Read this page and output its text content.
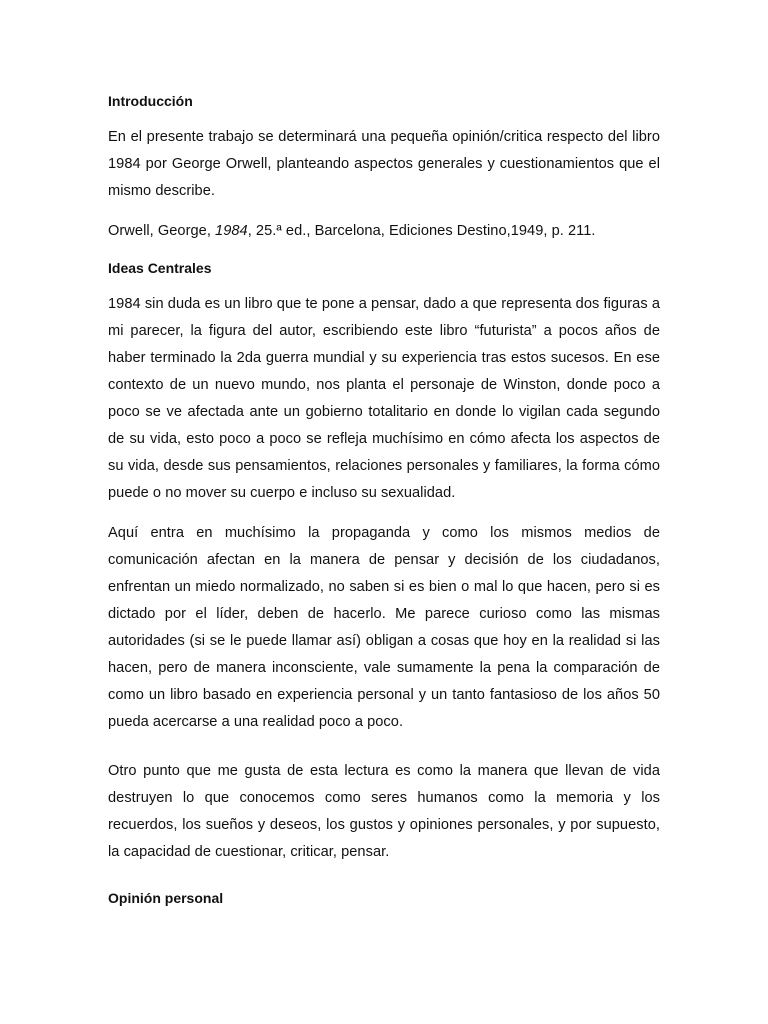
Introducción

En el presente trabajo se determinará una pequeña opinión/critica respecto del libro 1984 por George Orwell, planteando aspectos generales y cuestionamientos que el mismo describe.

Orwell, George, 1984, 25.ª ed., Barcelona, Ediciones Destino,1949, p. 211.

Ideas Centrales

1984 sin duda es un libro que te pone a pensar, dado a que representa dos figuras a mi parecer, la figura del autor, escribiendo este libro “futurista” a pocos años de haber terminado la 2da guerra mundial y su experiencia tras estos sucesos. En ese contexto de un nuevo mundo, nos planta el personaje de Winston, donde poco a poco se ve afectada ante un gobierno totalitario en donde lo vigilan cada segundo de su vida, esto poco a poco se refleja muchísimo en cómo afecta los aspectos de su vida, desde sus pensamientos, relaciones personales y familiares, la forma cómo puede o no mover su cuerpo e incluso su sexualidad.

Aquí entra en muchísimo la propaganda y como los mismos medios de comunicación afectan en la manera de pensar y decisión de los ciudadanos, enfrentan un miedo normalizado, no saben si es bien o mal lo que hacen, pero si es dictado por el líder, deben de hacerlo. Me parece curioso como las mismas autoridades (si se le puede llamar así) obligan a cosas que hoy en la realidad si las hacen, pero de manera inconsciente, vale sumamente la pena la comparación de como un libro basado en experiencia personal y un tanto fantasioso de los años 50 pueda acercarse a una realidad poco a poco.

Otro punto que me gusta de esta lectura es como la manera que llevan de vida destruyen lo que conocemos como seres humanos como la memoria y los recuerdos, los sueños y deseos, los gustos y opiniones personales, y por supuesto, la capacidad de cuestionar, criticar, pensar.

Opinión personal
